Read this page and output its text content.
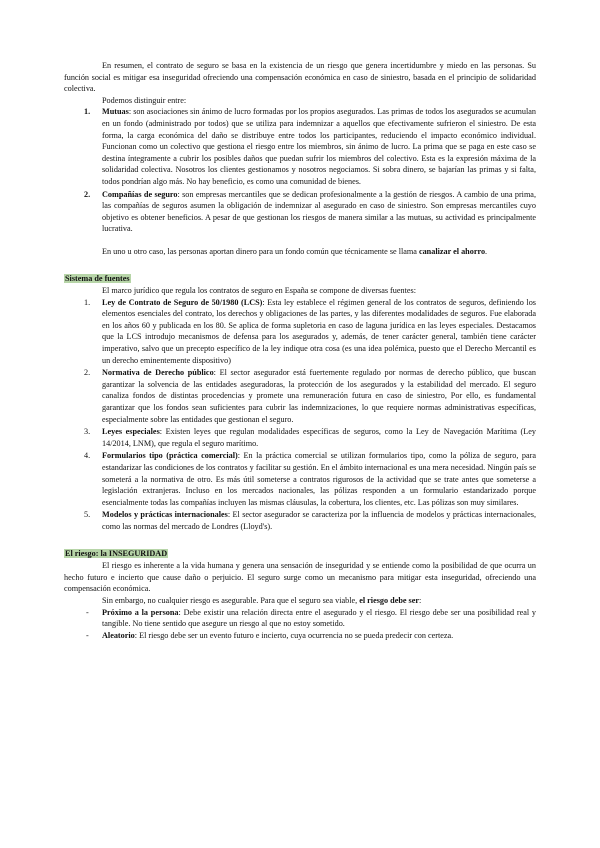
En resumen, el contrato de seguro se basa en la existencia de un riesgo que genera incertidumbre y miedo en las personas. Su función social es mitigar esa inseguridad ofreciendo una compensación económica en caso de siniestro, basada en el principio de solidaridad colectiva.

Podemos distinguir entre:

1. Mutuas: son asociaciones sin ánimo de lucro formadas por los propios asegurados. Las primas de todos los asegurados se acumulan en un fondo (administrado por todos) que se utiliza para indemnizar a aquellos que efectivamente sufrieron el siniestro. De esta forma, la carga económica del daño se distribuye entre todos los participantes, reduciendo el impacto económico individual. Funcionan como un colectivo que gestiona el riesgo entre los miembros, sin ánimo de lucro. La prima que se paga en este caso se destina íntegramente a cubrir los posibles daños que puedan sufrir los miembros del colectivo. Esta es la expresión máxima de la solidaridad colectiva. Nosotros los clientes gestionamos y nosotros negociamos. Si sobra dinero, se bajarían las primas y si falta, todos pondrían algo más. No hay beneficio, es como una comunidad de bienes.
2. Compañías de seguro: son empresas mercantiles que se dedican profesionalmente a la gestión de riesgos. A cambio de una prima, las compañías de seguros asumen la obligación de indemnizar al asegurado en caso de siniestro. Son empresas mercantiles cuyo objetivo es obtener beneficios. A pesar de que gestionan los riesgos de manera similar a las mutuas, su actividad es principalmente lucrativa.

En uno u otro caso, las personas aportan dinero para un fondo común que técnicamente se llama canalizar el ahorro.

Sistema de fuentes

El marco jurídico que regula los contratos de seguro en España se compone de diversas fuentes:

1. Ley de Contrato de Seguro de 50/1980 (LCS): Esta ley establece el régimen general de los contratos de seguros, definiendo los elementos esenciales del contrato, los derechos y obligaciones de las partes, y las diferentes modalidades de seguros. Fue elaborada en los años 60 y publicada en los 80. Se aplica de forma supletoria en caso de laguna jurídica en las leyes especiales. Destacamos que la LCS introdujo mecanismos de defensa para los asegurados y, además, de tener carácter general, también tiene carácter imperativo, salvo que un precepto específico de la ley indique otra cosa (es una idea polémica, puesto que el Derecho Mercantil es un derecho eminentemente dispositivo)
2. Normativa de Derecho público: El sector asegurador está fuertemente regulado por normas de derecho público, que buscan garantizar la solvencia de las entidades aseguradoras, la protección de los asegurados y la estabilidad del mercado. El seguro canaliza fondos de distintas procedencias y promete una remuneración futura en caso de siniestro, Por ello, es fundamental garantizar que los fondos sean suficientes para cubrir las indemnizaciones, lo que requiere normas administrativas específicas, especialmente sobre las entidades que gestionan el seguro.
3. Leyes especiales: Existen leyes que regulan modalidades específicas de seguros, como la Ley de Navegación Marítima (Ley 14/2014, LNM), que regula el seguro marítimo.
4. Formularios tipo (práctica comercial): En la práctica comercial se utilizan formularios tipo, como la póliza de seguro, para estandarizar las condiciones de los contratos y facilitar su gestión. En el ámbito internacional es una mera necesidad. Ningún país se someterá a la normativa de otro. Es más útil someterse a contratos rigurosos de la actividad que se trate antes que someterse a legislación extranjeras. Incluso en los mercados nacionales, las pólizas responden a un formulario estandarizado porque esencialmente todas las compañías incluyen las mismas cláusulas, la cobertura, los clientes, etc. Las pólizas son muy similares.
5. Modelos y prácticas internacionales: El sector asegurador se caracteriza por la influencia de modelos y prácticas internacionales, como las normas del mercado de Londres (Lloyd's).

El riesgo: la INSEGURIDAD

El riesgo es inherente a la vida humana y genera una sensación de inseguridad y se entiende como la posibilidad de que ocurra un hecho futuro e incierto que cause daño o perjuicio. El seguro surge como un mecanismo para mitigar esta inseguridad, ofreciendo una compensación económica.

Sin embargo, no cualquier riesgo es asegurable. Para que el seguro sea viable, el riesgo debe ser:

- Próximo a la persona: Debe existir una relación directa entre el asegurado y el riesgo. El riesgo debe ser una posibilidad real y tangible. No tiene sentido que asegure un riesgo al que no estoy sometido.
- Aleatorio: El riesgo debe ser un evento futuro e incierto, cuya ocurrencia no se pueda predecir con certeza.
